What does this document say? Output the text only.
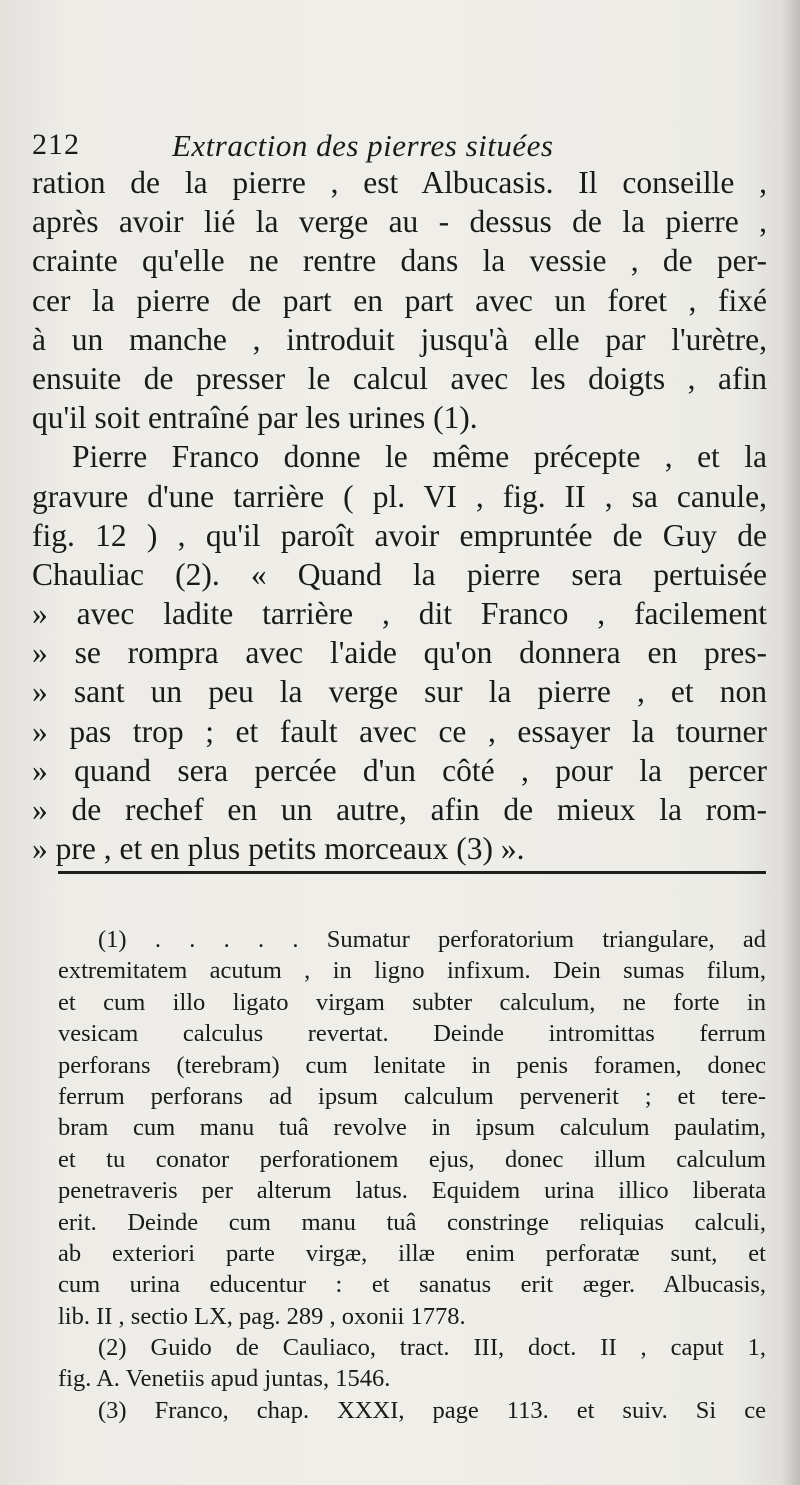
212	Extraction des pierres situées
ration de la pierre , est Albucasis. Il conseille ,
après avoir lié la verge au - dessus de la pierre ,
crainte qu'elle ne rentre dans la vessie , de per-
cer la pierre de part en part avec un foret , fixé
à un manche , introduit jusqu'à elle par l'urètre,
ensuite de presser le calcul avec les doigts , afin
qu'il soit entraîné par les urines (1).
Pierre Franco donne le même précepte , et la
gravure d'une tarrière ( pl. VI , fig. II , sa canule,
fig. 12 ) , qu'il paroît avoir empruntée de Guy de
Chauliac (2). « Quand la pierre sera pertuisée
» avec ladite tarrière , dit Franco , facilement
» se rompra avec l'aide qu'on donnera en pres-
» sant un peu la verge sur la pierre , et non
» pas trop ; et fault avec ce , essayer la tourner
» quand sera percée d'un côté , pour la percer
» de rechef en un autre, afin de mieux la rom-
» pre , et en plus petits morceaux (3) ».
(1) . . . . . Sumatur perforatorium triangulare, ad
extremitatem acutum , in ligno infixum. Dein sumas filum,
et cum illo ligato virgam subter calculum, ne forte in
vesicam calculus revertat. Deinde intromittas ferrum
perforans (terebram) cum lenitate in penis foramen, donec
ferrum perforans ad ipsum calculum pervenerit ; et tere-
bram cum manu tuâ revolve in ipsum calculum paulatim,
et tu conator perforationem ejus, donec illum calculum
penetraveris per alterum latus. Equidem urina illico liberata
erit. Deinde cum manu tuâ constringe reliquias calculi,
ab exteriori parte virgæ, illæ enim perforatæ sunt, et
cum urina educentur : et sanatus erit æger. Albucasis,
lib. II , sectio LX, pag. 289 , oxonii 1778.
(2) Guido de Cauliaco, tract. III, doct. II , caput 1,
fig. A. Venetiis apud juntas, 1546.
(3) Franco, chap. XXXI, page 113. et suiv. Si ce
